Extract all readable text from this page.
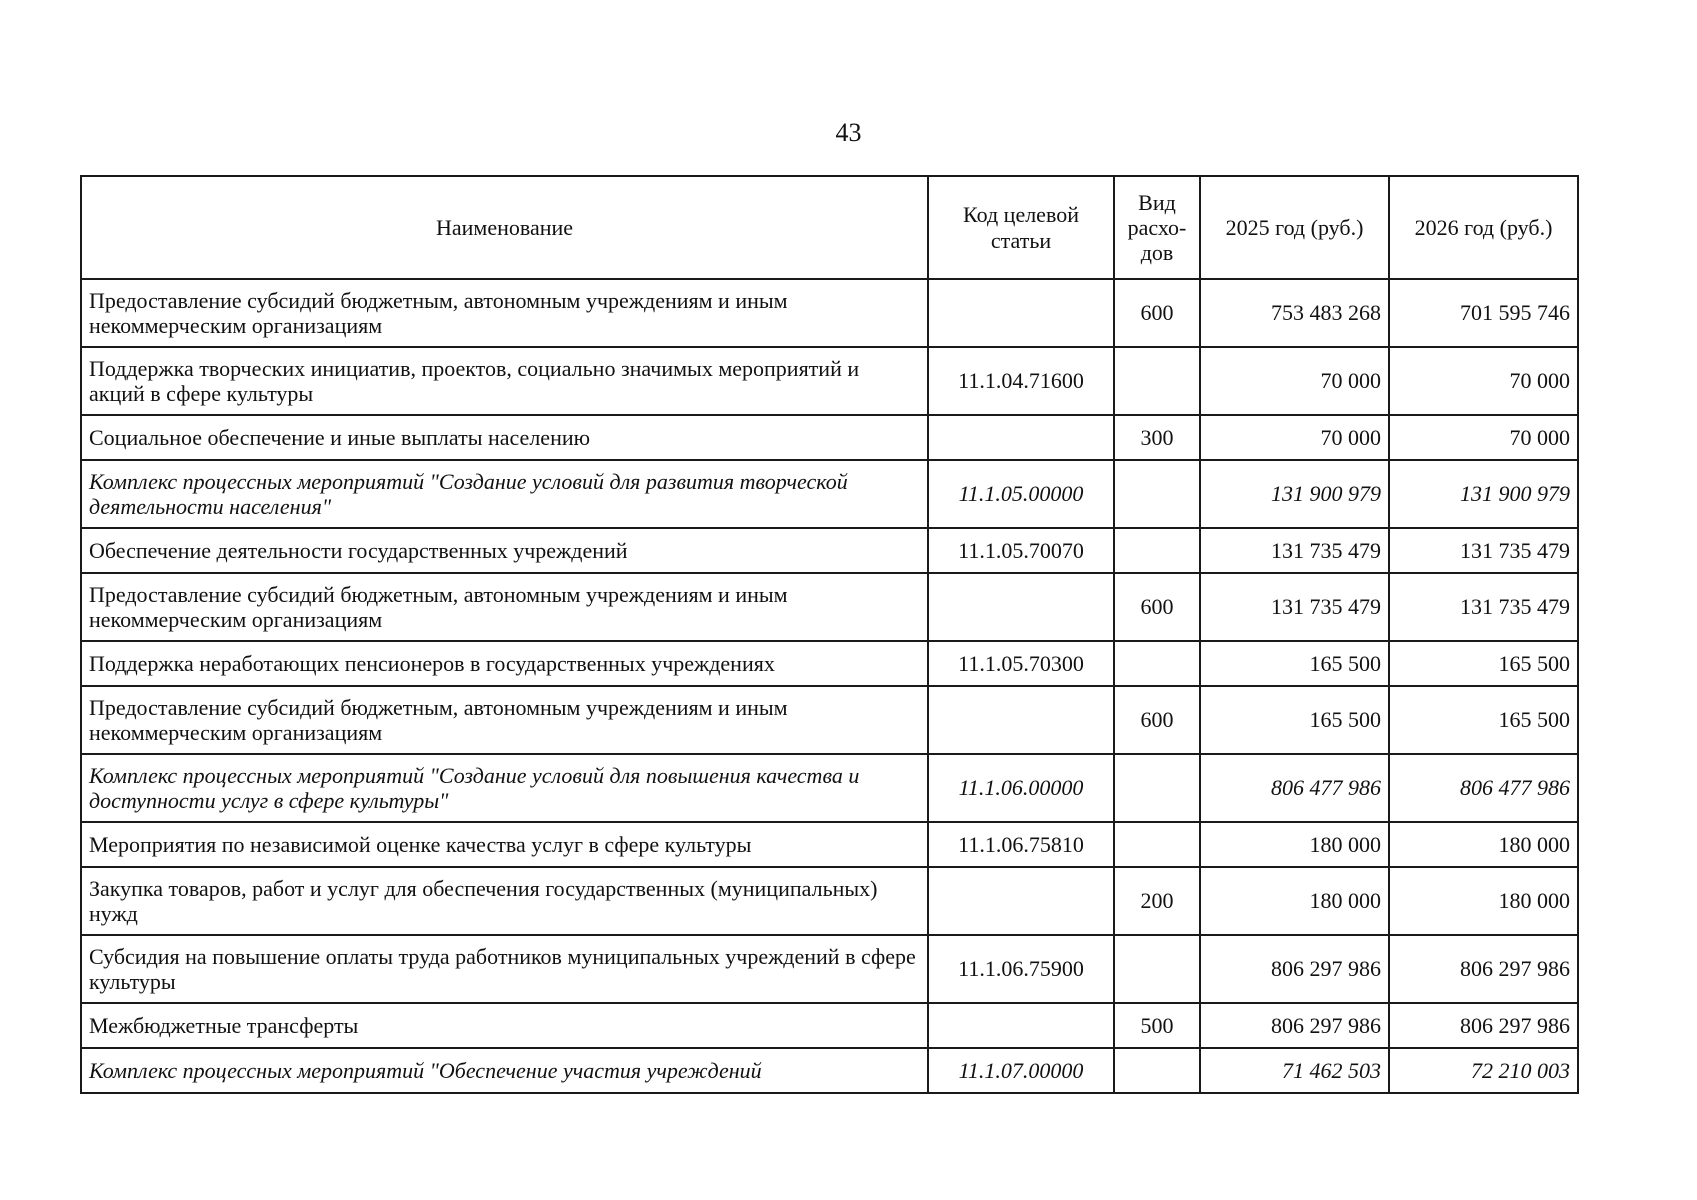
43
Наименование	Код целевой статьи	Вид расхо-дов	2025 год (руб.)	2026 год (руб.)
Предоставление субсидий бюджетным, автономным учреждениям и иным некоммерческим организациям		600	753 483 268	701 595 746
Поддержка творческих инициатив, проектов, социально значимых мероприятий и акций в сфере культуры	11.1.04.71600		70 000	70 000
Социальное обеспечение и иные выплаты населению		300	70 000	70 000
Комплекс процессных мероприятий "Создание условий для развития творческой деятельности населения"	11.1.05.00000		131 900 979	131 900 979
Обеспечение деятельности государственных учреждений	11.1.05.70070		131 735 479	131 735 479
Предоставление субсидий бюджетным, автономным учреждениям и иным некоммерческим организациям		600	131 735 479	131 735 479
Поддержка неработающих пенсионеров в государственных учреждениях	11.1.05.70300		165 500	165 500
Предоставление субсидий бюджетным, автономным учреждениям и иным некоммерческим организациям		600	165 500	165 500
Комплекс процессных мероприятий "Создание условий для повышения качества и доступности услуг в сфере культуры"	11.1.06.00000		806 477 986	806 477 986
Мероприятия по независимой оценке качества услуг в сфере культуры	11.1.06.75810		180 000	180 000
Закупка товаров, работ и услуг для обеспечения государственных (муниципальных) нужд		200	180 000	180 000
Субсидия на повышение оплаты труда работников муниципальных учреждений в сфере культуры	11.1.06.75900		806 297 986	806 297 986
Межбюджетные трансферты		500	806 297 986	806 297 986
Комплекс процессных мероприятий "Обеспечение участия учреждений	11.1.07.00000		71 462 503	72 210 003
